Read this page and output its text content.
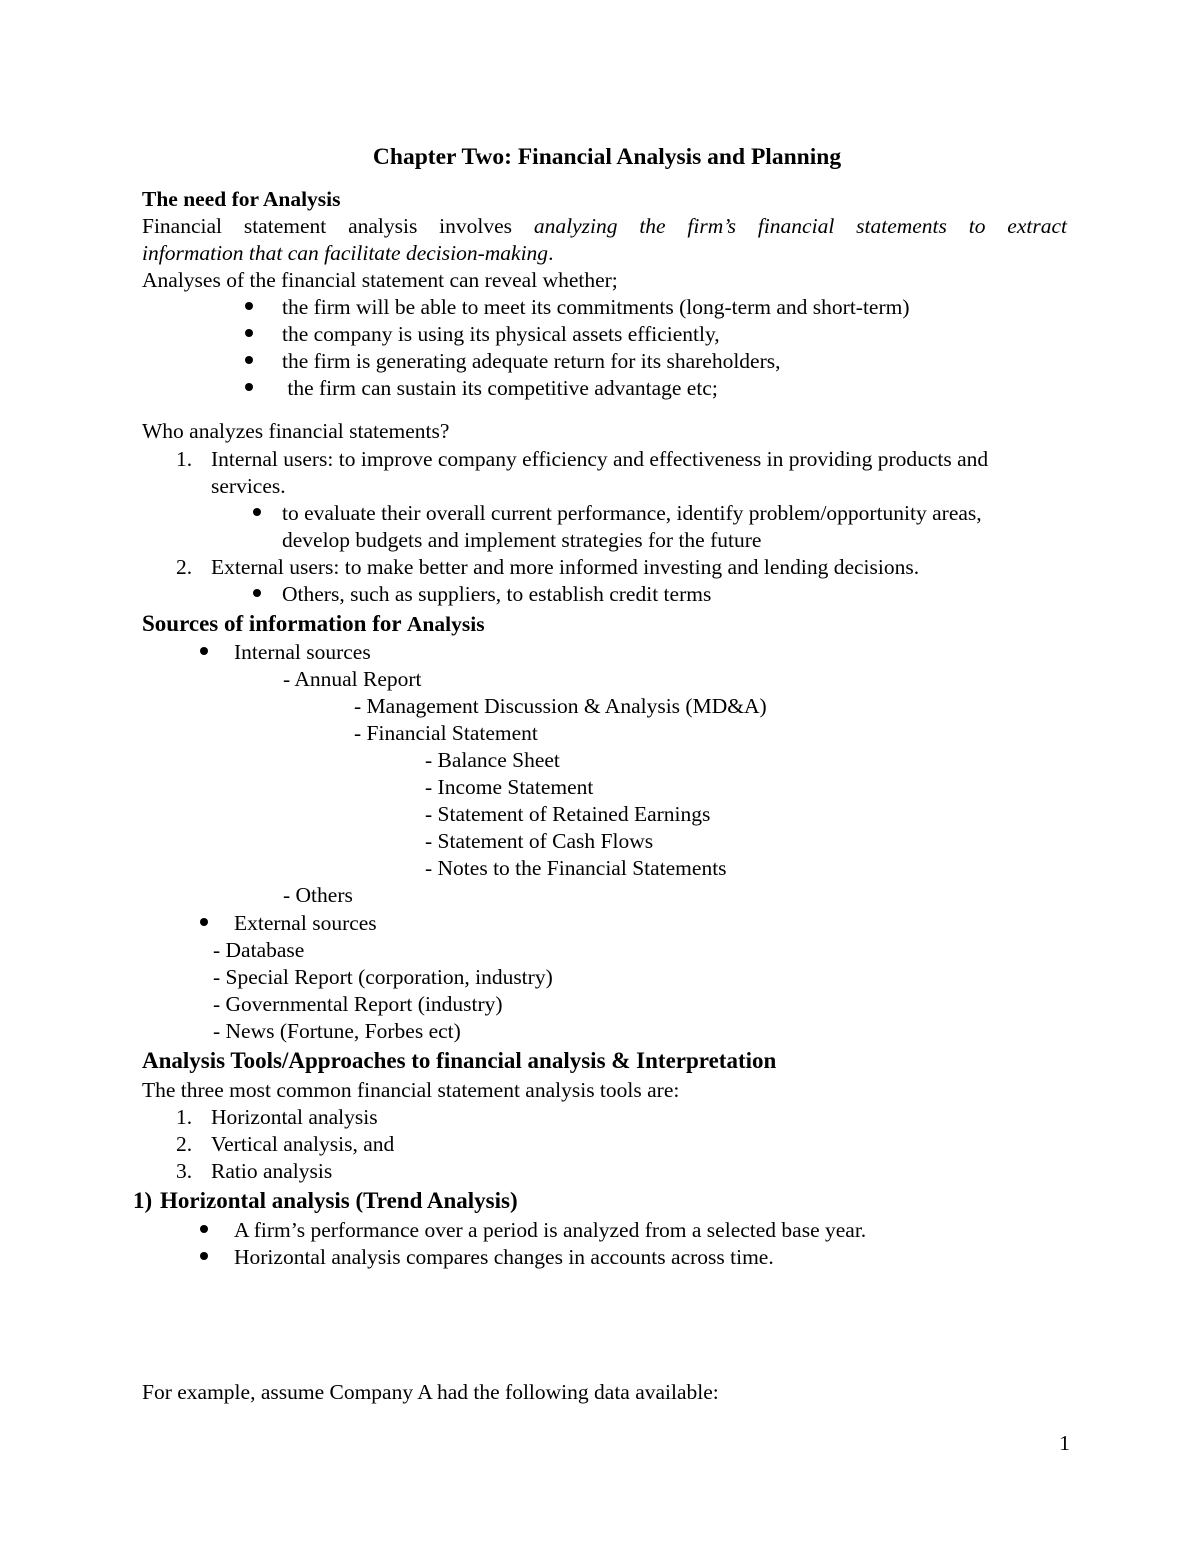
Chapter Two: Financial Analysis and Planning
The need for Analysis
Financial statement analysis involves analyzing the firm’s financial statements to extract
information that can facilitate decision-making.
Analyses of the financial statement can reveal whether;
the firm will be able to meet its commitments (long-term and short-term)
the company is using its physical assets efficiently,
the firm is generating adequate return for its shareholders,
the firm can sustain its competitive advantage etc;
Who analyzes financial statements?
1. Internal users: to improve company efficiency and effectiveness in providing products and
services.
to evaluate their overall current performance, identify problem/opportunity areas,
develop budgets and implement strategies for the future
2. External users: to make better and more informed investing and lending decisions.
Others, such as suppliers, to establish credit terms
Sources of information for Analysis
Internal sources
- Annual Report
- Management Discussion & Analysis (MD&A)
- Financial Statement
- Balance Sheet
- Income Statement
- Statement of Retained Earnings
- Statement of Cash Flows
- Notes to the Financial Statements
- Others
External sources
- Database
- Special Report (corporation, industry)
- Governmental Report (industry)
- News (Fortune, Forbes ect)
Analysis Tools/Approaches to financial analysis & Interpretation
The three most common financial statement analysis tools are:
1. Horizontal analysis
2. Vertical analysis, and
3. Ratio analysis
1) Horizontal analysis (Trend Analysis)
A firm’s performance over a period is analyzed from a selected base year.
Horizontal analysis compares changes in accounts across time.
For example, assume Company A had the following data available:
1
